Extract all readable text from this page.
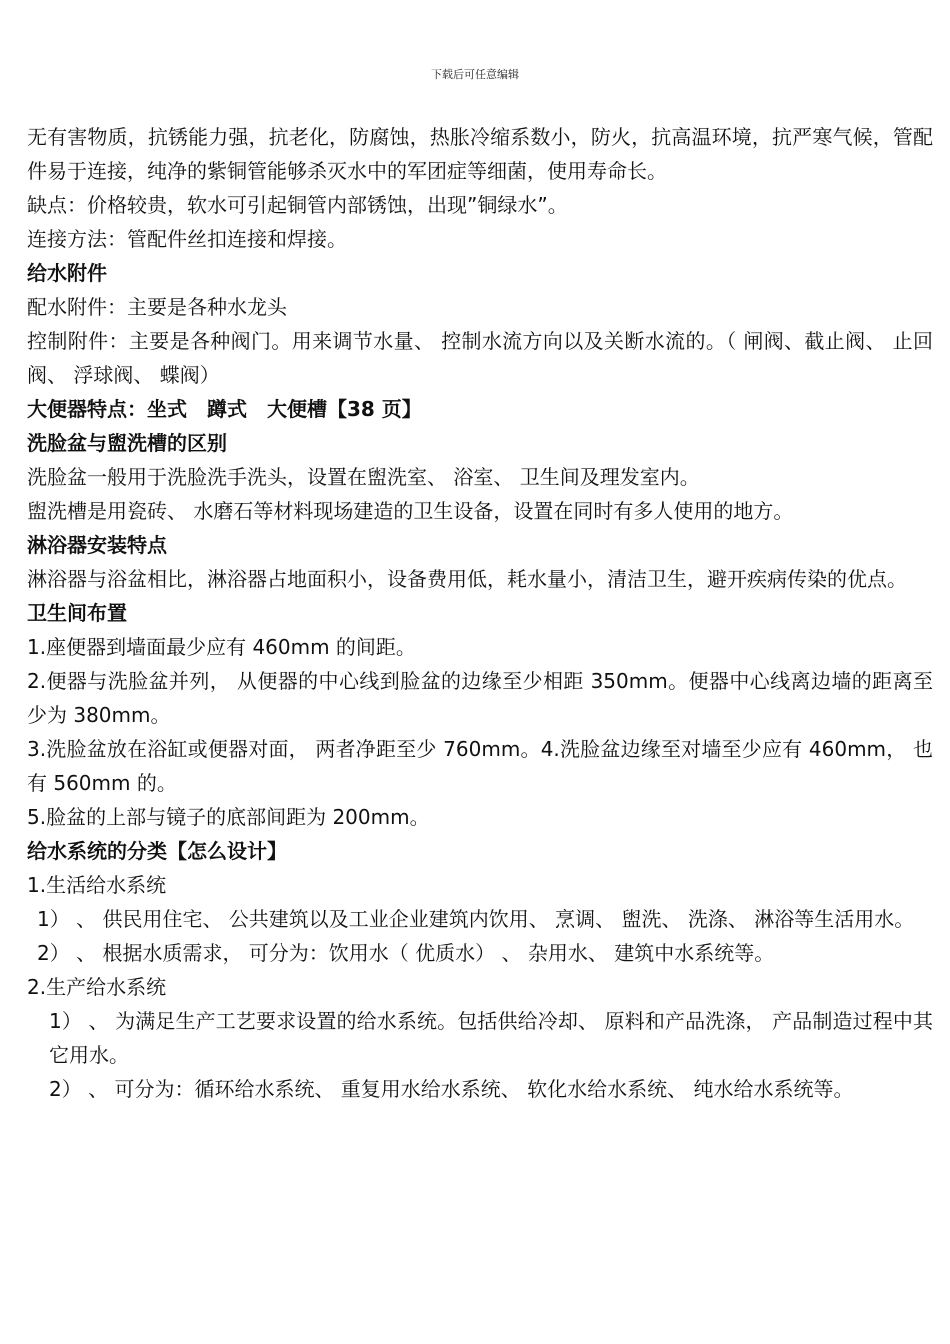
下载后可任意编辑

无有害物质，抗锈能力强，抗老化，防腐蚀，热胀冷缩系数小，防火，抗高温环境，抗严寒气候，管配件易于连接，纯净的紫铜管能够杀灭水中的军团症等细菌，使用寿命长。

缺点：价格较贵，软水可引起铜管内部锈蚀，出现”铜绿水”。

连接方法：管配件丝扣连接和焊接。

给水附件

配水附件：主要是各种水龙头

控制附件：主要是各种阀门。用来调节水量、 控制水流方向以及关断水流的。（ 闸阀、截止阀、 止回阀、 浮球阀、 蝶阀）

大便器特点：坐式　蹲式　大便槽【38 页】

洗脸盆与盥洗槽的区别

洗脸盆一般用于洗脸洗手洗头，设置在盥洗室、 浴室、 卫生间及理发室内。

盥洗槽是用瓷砖、 水磨石等材料现场建造的卫生设备，设置在同时有多人使用的地方。

淋浴器安装特点

淋浴器与浴盆相比，淋浴器占地面积小，设备费用低，耗水量小，清洁卫生，避开疾病传染的优点。

卫生间布置

1.座便器到墙面最少应有 460mm 的间距。

2.便器与洗脸盆并列， 从便器的中心线到脸盆的边缘至少相距 350mm。便器中心线离边墙的距离至少为 380mm。

3.洗脸盆放在浴缸或便器对面， 两者净距至少 760mm。4.洗脸盆边缘至对墙至少应有 460mm， 也有 560mm 的。

5.脸盆的上部与镜子的底部间距为 200mm。

给水系统的分类【怎么设计】

1.生活给水系统

1） 、 供民用住宅、 公共建筑以及工业企业建筑内饮用、 烹调、 盥洗、 洗涤、 淋浴等生活用水。

2） 、 根据水质需求， 可分为：饮用水（ 优质水） 、 杂用水、 建筑中水系统等。

2.生产给水系统

1） 、 为满足生产工艺要求设置的给水系统。包括供给冷却、 原料和产品洗涤， 产品制造过程中其它用水。

2） 、 可分为：循环给水系统、 重复用水给水系统、 软化水给水系统、 纯水给水系统等。
